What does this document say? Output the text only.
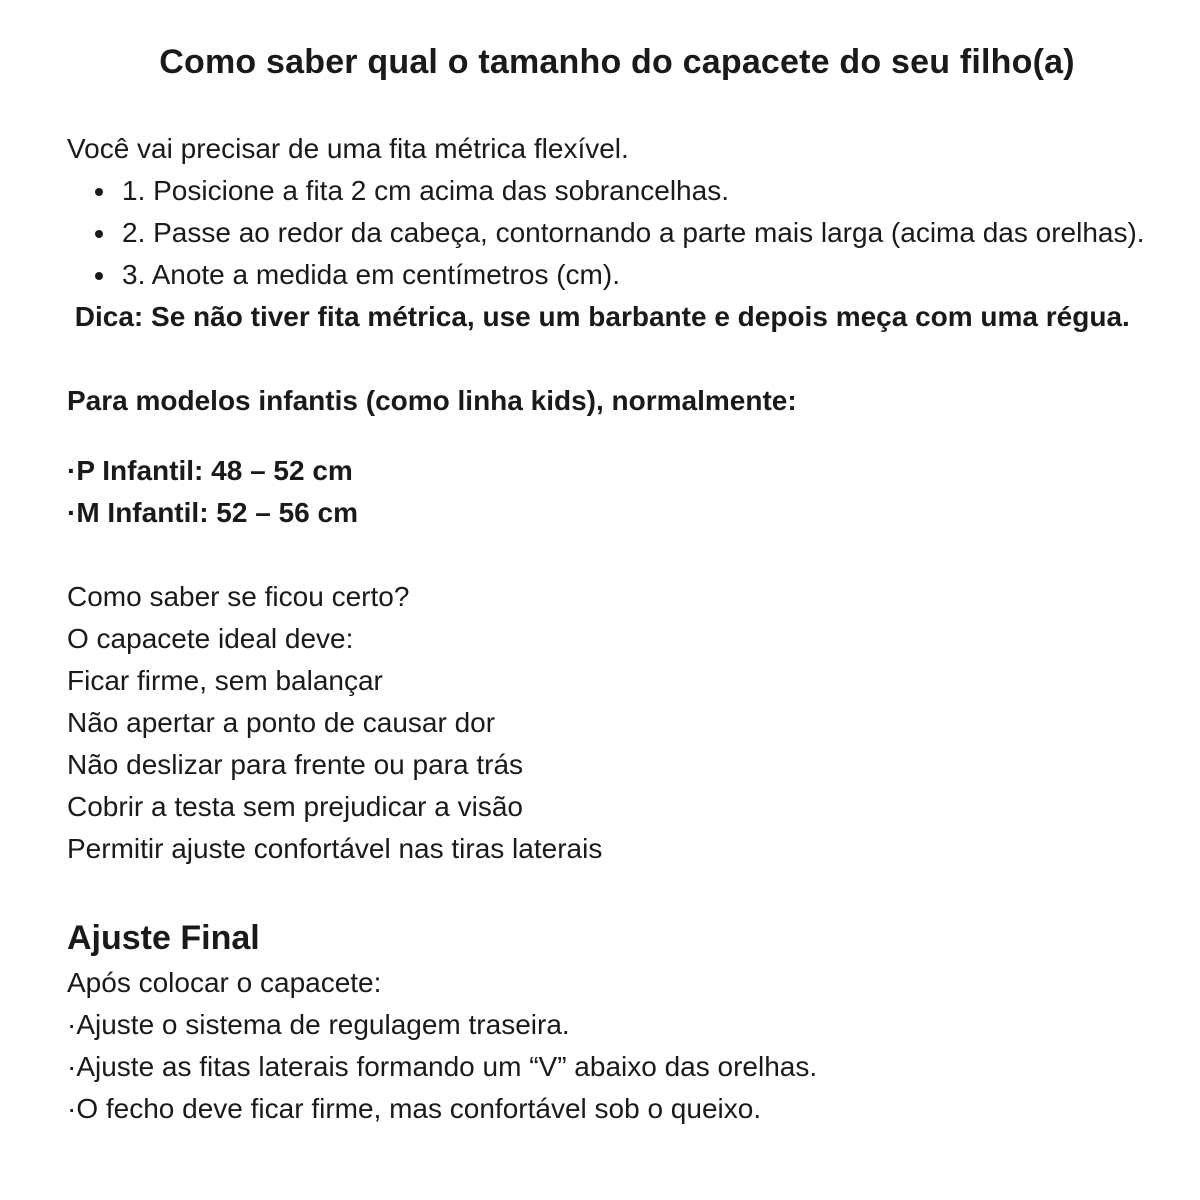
Como saber qual o tamanho do capacete do seu filho(a)

Você vai precisar de uma fita métrica flexível.

• 1. Posicione a fita 2 cm acima das sobrancelhas.
• 2. Passe ao redor da cabeça, contornando a parte mais larga (acima das orelhas).
• 3. Anote a medida em centímetros (cm).

Dica: Se não tiver fita métrica, use um barbante e depois meça com uma régua.

Para modelos infantis (como linha kids), normalmente:

·P Infantil: 48 – 52 cm

·M Infantil: 52 – 56 cm

Como saber se ficou certo?

O capacete ideal deve:

Ficar firme, sem balançar

Não apertar a ponto de causar dor

Não deslizar para frente ou para trás

Cobrir a testa sem prejudicar a visão

Permitir ajuste confortável nas tiras laterais

Ajuste Final

Após colocar o capacete:

·Ajuste o sistema de regulagem traseira.

·Ajuste as fitas laterais formando um “V” abaixo das orelhas.

·O fecho deve ficar firme, mas confortável sob o queixo.
